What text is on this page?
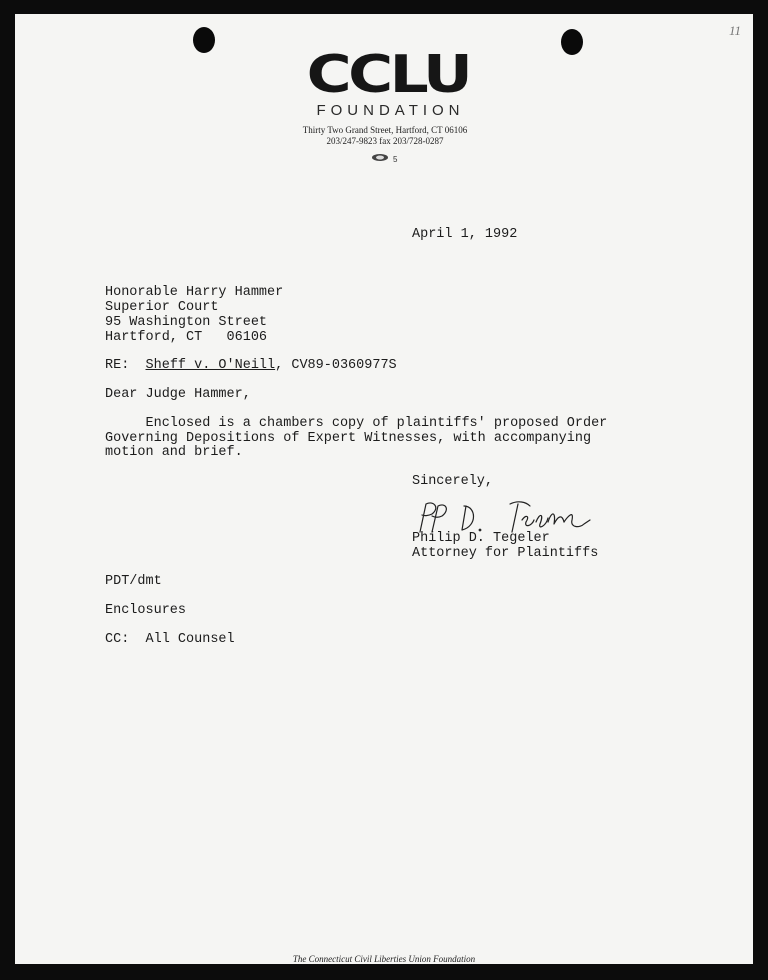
11
CCLU
FOUNDATION
Thirty Two Grand Street, Hartford, CT 06106
203/247-9823 fax 203/728-0287
5
April 1, 1992
Honorable Harry Hammer
Superior Court
95 Washington Street
Hartford, CT   06106
RE: Sheff v. O'Neill, CV89-0360977S
Dear Judge Hammer,
Enclosed is a chambers copy of plaintiffs' proposed Order
Governing Depositions of Expert Witnesses, with accompanying
motion and brief.
Sincerely,
Philip D. Tegeler
Attorney for Plaintiffs
PDT/dmt
Enclosures
CC:  All Counsel
The Connecticut Civil Liberties Union Foundation
